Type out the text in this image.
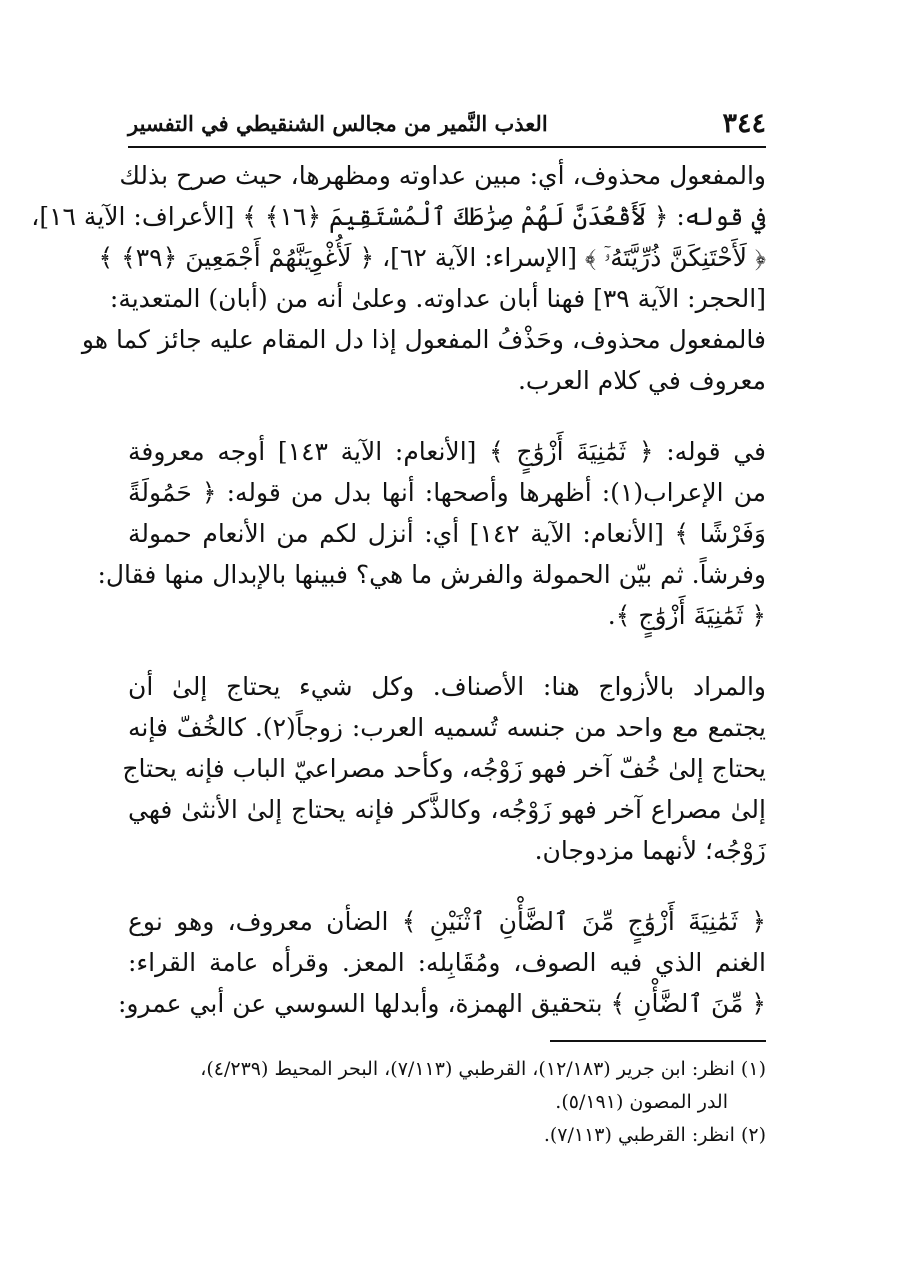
٣٤٤
العذب النَّمير من مجالس الشنقيطي في التفسير
والمفعول محذوف، أي: مبين عداوته ومظهرها، حيث صرح بذلك
في قوله: ﴿ لَأَقْعُدَنَّ لَهُمْ صِرَٰطَكَ ٱلْمُسْتَقِيمَ ﴿١٦﴾ ﴾ [الأعراف: الآية ١٦]،
﴿ لَأَحْتَنِكَنَّ ذُرِّيَّتَهُۥٓ ﴾ [الإسراء: الآية ٦٢]، ﴿ لَأُغْوِيَنَّهُمْ أَجْمَعِينَ ﴿٣٩﴾ ﴾
[الحجر: الآية ٣٩] فهنا أبان عداوته. وعلىٰ أنه من (أبان) المتعدية:
فالمفعول محذوف، وحَذْفُ المفعول إذا دل المقام عليه جائز كما هو
معروف في كلام العرب.
في قوله: ﴿ ثَمَٰنِيَةَ أَزْوَٰجٍ ﴾ [الأنعام: الآية ١٤٣] أوجه معروفة
من الإعراب(١): أظهرها وأصحها: أنها بدل من قوله: ﴿ حَمُولَةً
وَفَرْشًا ﴾ [الأنعام: الآية ١٤٢] أي: أنزل لكم من الأنعام حمولة
وفرشاً. ثم بيّن الحمولة والفرش ما هي؟ فبينها بالإبدال منها فقال:
﴿ ثَمَٰنِيَةَ أَزْوَٰجٍ ﴾.
والمراد بالأزواج هنا: الأصناف. وكل شيء يحتاج إلىٰ أن
يجتمع مع واحد من جنسه تُسميه العرب: زوجاً(٢). كالخُفّ فإنه
يحتاج إلىٰ خُفّ آخر فهو زَوْجُه، وكأحد مصراعيّ الباب فإنه يحتاج
إلىٰ مصراع آخر فهو زَوْجُه، وكالذَّكر فإنه يحتاج إلىٰ الأنثىٰ فهي
زَوْجُه؛ لأنهما مزدوجان.
﴿ ثَمَٰنِيَةَ أَزْوَٰجٍ مِّنَ ٱلضَّأْنِ ٱثْنَيْنِ ﴾ الضأن معروف، وهو نوع
الغنم الذي فيه الصوف، ومُقَابِله: المعز. وقرأه عامة القراء:
﴿ مِّنَ ٱلضَّأْنِ ﴾ بتحقيق الهمزة، وأبدلها السوسي عن أبي عمرو:
(١) انظر: ابن جرير (١٢/١٨٣)، القرطبي (٧/١١٣)، البحر المحيط (٤/٢٣٩)،
الدر المصون (٥/١٩١).
(٢) انظر: القرطبي (٧/١١٣).
